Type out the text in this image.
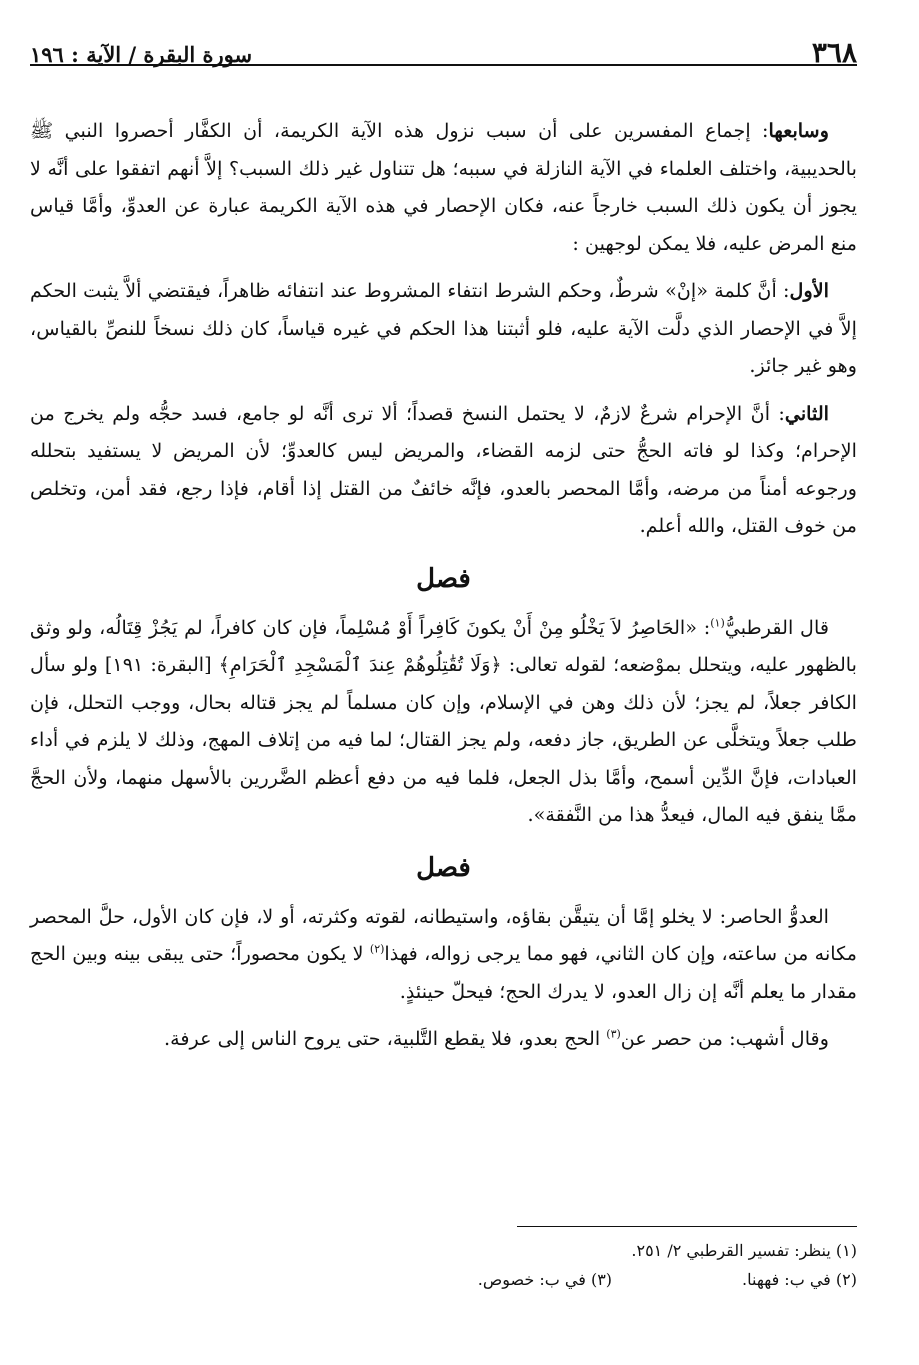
٣٦٨
سورة البقرة / الآية : ١٩٦

وسابعها: إجماع المفسرين على أن سبب نزول هذه الآية الكريمة، أن الكفَّار أحصروا النبي ﷺ بالحديبية، واختلف العلماء في الآية النازلة في سببه؛ هل تتناول غير ذلك السبب؟ إلاَّ أنهم اتفقوا على أنَّه لا يجوز أن يكون ذلك السبب خارجاً عنه، فكان الإحصار في هذه الآية الكريمة عبارة عن العدوِّ، وأمَّا قياس منع المرض عليه، فلا يمكن لوجهين :

الأول: أنَّ كلمة «إنْ» شرطٌ، وحكم الشرط انتفاء المشروط عند انتفائه ظاهراً، فيقتضي ألاَّ يثبت الحكم إلاَّ في الإحصار الذي دلَّت الآية عليه، فلو أثبتنا هذا الحكم في غيره قياساً، كان ذلك نسخاً للنصِّ بالقياس، وهو غير جائز.

الثاني: أنَّ الإحرام شرعٌ لازمٌ، لا يحتمل النسخ قصداً؛ ألا ترى أنَّه لو جامع، فسد حجُّه ولم يخرج من الإحرام؛ وكذا لو فاته الحجُّ حتى لزمه القضاء، والمريض ليس كالعدوِّ؛ لأن المريض لا يستفيد بتحلله ورجوعه أمناً من مرضه، وأمَّا المحصر بالعدو، فإنَّه خائفٌ من القتل إذا أقام، فإذا رجع، فقد أمن، وتخلص من خوف القتل، والله أعلم.

فصل

قال القرطبيُّ$^{(١)}$: «الحَاصِرُ لاَ يَخْلُو مِنْ أَنْ يكونَ كَافِراً أَوْ مُسْلِماً، فإن كان كافراً، لم يَجُزْ قِتَالُه، ولو وثق بالظهور عليه، ويتحلل بموْضعه؛ لقوله تعالى: ﴿وَلَا تُقَٰتِلُوهُمْ عِندَ ٱلْمَسْجِدِ ٱلْحَرَامِ﴾ [البقرة: ١٩١] ولو سأل الكافر جعلاً، لم يجز؛ لأن ذلك وهن في الإسلام، وإن كان مسلماً لم يجز قتاله بحال، ووجب التحلل، فإن طلب جعلاً ويتخلَّى عن الطريق، جاز دفعه، ولم يجز القتال؛ لما فيه من إتلاف المهج، وذلك لا يلزم في أداء العبادات، فإنَّ الدِّين أسمح، وأمَّا بذل الجعل، فلما فيه من دفع أعظم الضَّررين بالأسهل منهما، ولأن الحجَّ ممَّا ينفق فيه المال، فيعدُّ هذا من النَّفقة».

فصل

العدوُّ الحاصر: لا يخلو إمَّا أن يتيقَّن بقاؤه، واستيطانه، لقوته وكثرته، أو لا، فإن كان الأول، حلَّ المحصر مكانه من ساعته، وإن كان الثاني، فهو مما يرجى زواله، فهذا$^{(٢)}$ لا يكون محصوراً؛ حتى يبقى بينه وبين الحج مقدار ما يعلم أنَّه إن زال العدو، لا يدرك الحج؛ فيحلّ حينئذٍ.

وقال أشهب: من حصر عن$^{(٣)}$ الحج بعدو، فلا يقطع التَّلبية، حتى يروح الناس إلى عرفة.

(١) ينظر: تفسير القرطبي ٢/ ٢٥١.
(٢) في ب: فههنا.
(٣) في ب: خصوص.
